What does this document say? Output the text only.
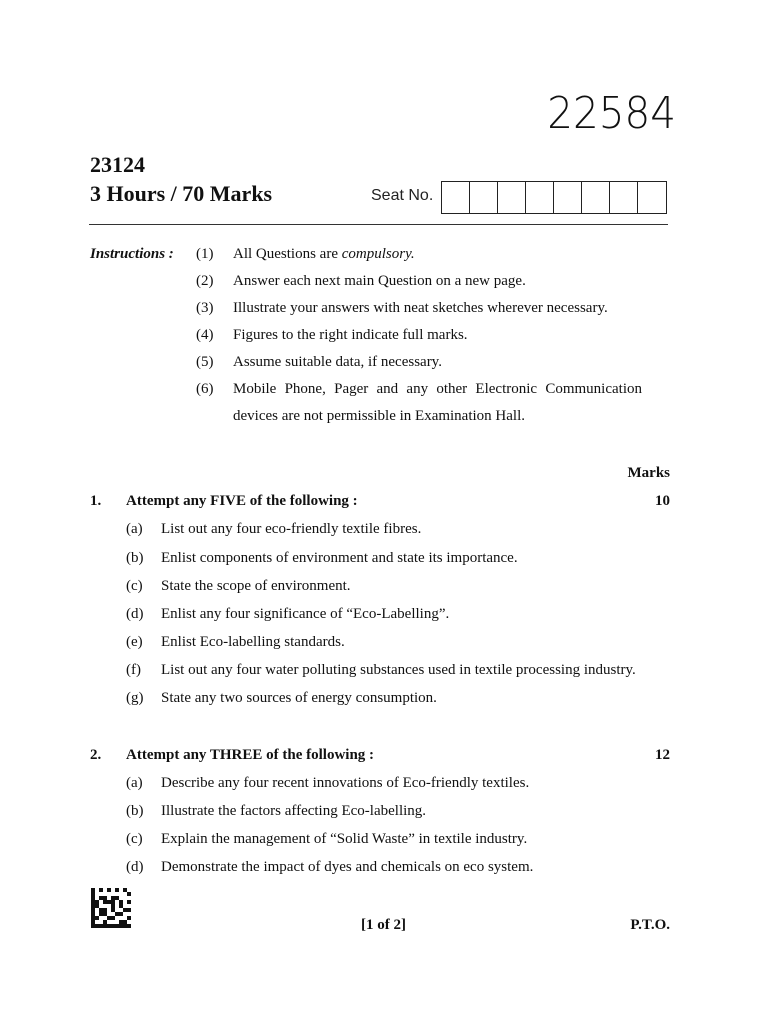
22584
23124
3 Hours / 70 Marks	Seat No.
Instructions : (1) All Questions are compulsory.
(2) Answer each next main Question on a new page.
(3) Illustrate your answers with neat sketches wherever necessary.
(4) Figures to the right indicate full marks.
(5) Assume suitable data, if necessary.
(6) Mobile Phone, Pager and any other Electronic Communication
devices are not permissible in Examination Hall.
Marks
1. Attempt any FIVE of the following :	10
(a) List out any four eco-friendly textile fibres.
(b) Enlist components of environment and state its importance.
(c) State the scope of environment.
(d) Enlist any four significance of “Eco-Labelling”.
(e) Enlist Eco-labelling standards.
(f) List out any four water polluting substances used in textile processing industry.
(g) State any two sources of energy consumption.
2. Attempt any THREE of the following :	12
(a) Describe any four recent innovations of Eco-friendly textiles.
(b) Illustrate the factors affecting Eco-labelling.
(c) Explain the management of “Solid Waste” in textile industry.
(d) Demonstrate the impact of dyes and chemicals on eco system.
[1 of 2]	P.T.O.
